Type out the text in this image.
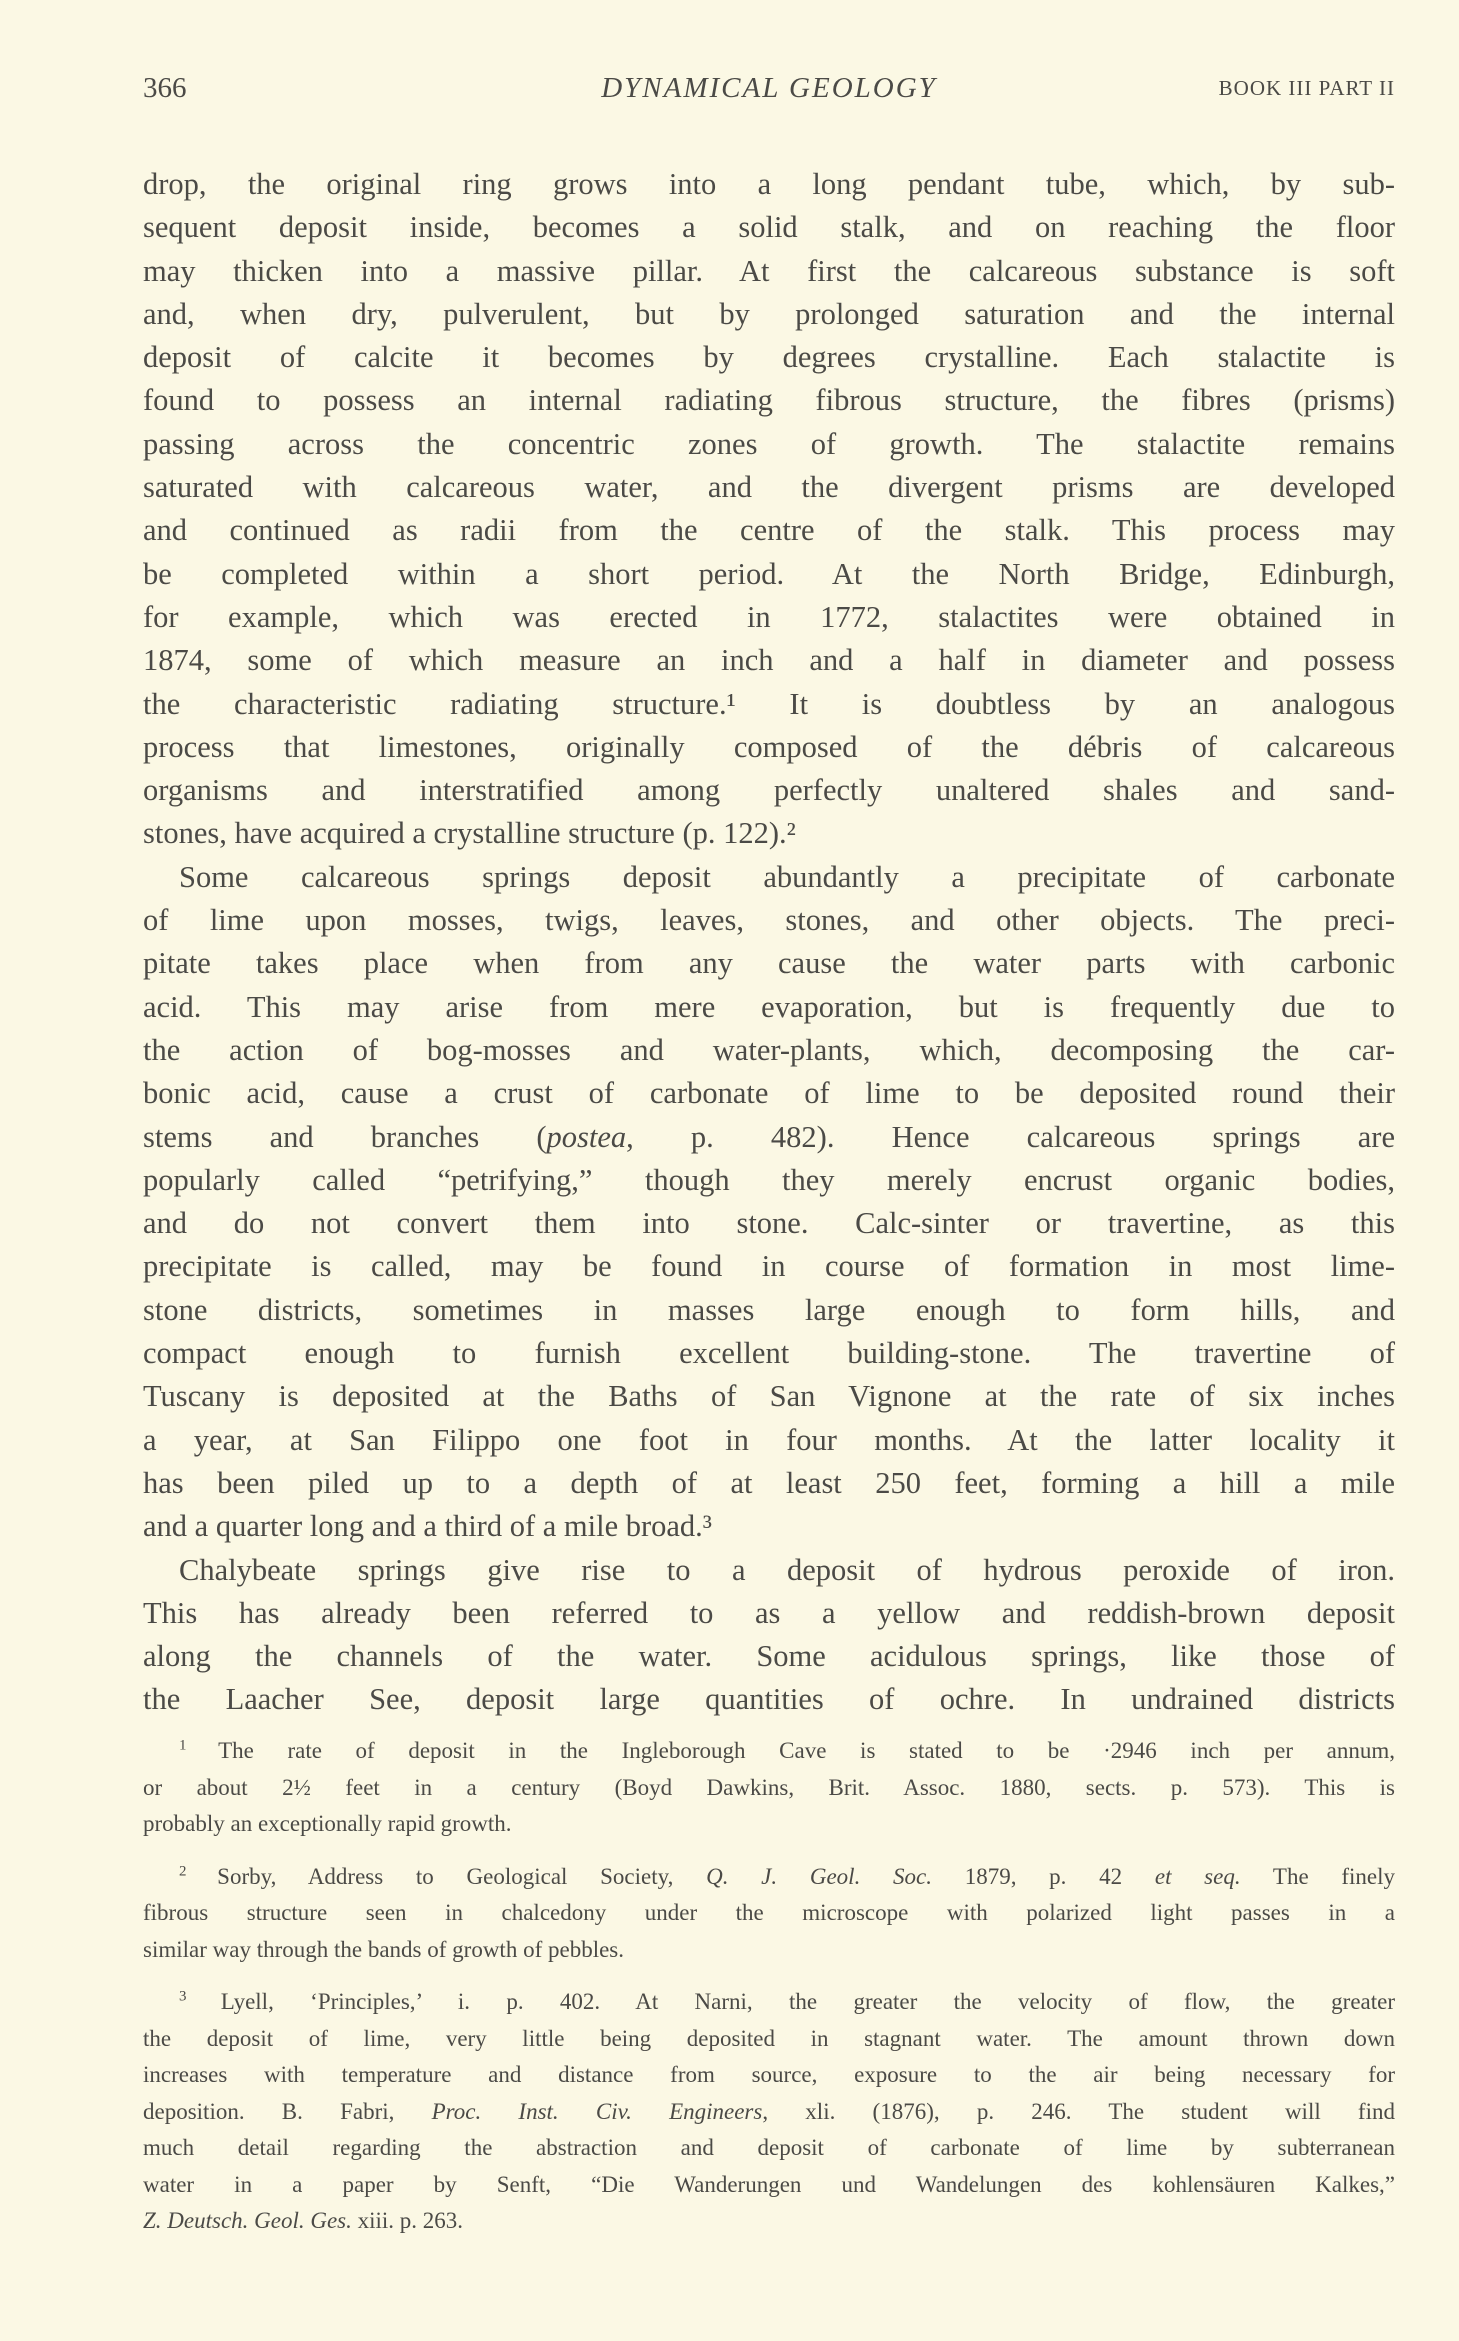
366	DYNAMICAL GEOLOGY	BOOK III PART II
drop, the original ring grows into a long pendant tube, which, by sub-
sequent deposit inside, becomes a solid stalk, and on reaching the floor
may thicken into a massive pillar. At first the calcareous substance is soft
and, when dry, pulverulent, but by prolonged saturation and the internal
deposit of calcite it becomes by degrees crystalline. Each stalactite is
found to possess an internal radiating fibrous structure, the fibres (prisms)
passing across the concentric zones of growth. The stalactite remains
saturated with calcareous water, and the divergent prisms are developed
and continued as radii from the centre of the stalk. This process may
be completed within a short period. At the North Bridge, Edinburgh,
for example, which was erected in 1772, stalactites were obtained in
1874, some of which measure an inch and a half in diameter and possess
the characteristic radiating structure.¹ It is doubtless by an analogous
process that limestones, originally composed of the débris of calcareous
organisms and interstratified among perfectly unaltered shales and sand-
stones, have acquired a crystalline structure (p. 122).²
Some calcareous springs deposit abundantly a precipitate of carbonate
of lime upon mosses, twigs, leaves, stones, and other objects. The preci-
pitate takes place when from any cause the water parts with carbonic
acid. This may arise from mere evaporation, but is frequently due to
the action of bog-mosses and water-plants, which, decomposing the car-
bonic acid, cause a crust of carbonate of lime to be deposited round their
stems and branches (postea, p. 482). Hence calcareous springs are
popularly called “petrifying,” though they merely encrust organic bodies,
and do not convert them into stone. Calc-sinter or travertine, as this
precipitate is called, may be found in course of formation in most lime-
stone districts, sometimes in masses large enough to form hills, and
compact enough to furnish excellent building-stone. The travertine of
Tuscany is deposited at the Baths of San Vignone at the rate of six inches
a year, at San Filippo one foot in four months. At the latter locality it
has been piled up to a depth of at least 250 feet, forming a hill a mile
and a quarter long and a third of a mile broad.³
Chalybeate springs give rise to a deposit of hydrous peroxide of iron.
This has already been referred to as a yellow and reddish-brown deposit
along the channels of the water. Some acidulous springs, like those of
the Laacher See, deposit large quantities of ochre. In undrained districts
$^1$ The rate of deposit in the Ingleborough Cave is stated to be ·2946 inch per annum,
or about 2½ feet in a century (Boyd Dawkins, Brit. Assoc. 1880, sects. p. 573). This is
probably an exceptionally rapid growth.
$^2$ Sorby, Address to Geological Society, Q. J. Geol. Soc. 1879, p. 42 et seq. The finely
fibrous structure seen in chalcedony under the microscope with polarized light passes in a
similar way through the bands of growth of pebbles.
$^3$ Lyell, ‘Principles,’ i. p. 402. At Narni, the greater the velocity of flow, the greater
the deposit of lime, very little being deposited in stagnant water. The amount thrown down
increases with temperature and distance from source, exposure to the air being necessary for
deposition. B. Fabri, Proc. Inst. Civ. Engineers, xli. (1876), p. 246. The student will find
much detail regarding the abstraction and deposit of carbonate of lime by subterranean
water in a paper by Senft, “Die Wanderungen und Wandelungen des kohlensäuren Kalkes,”
Z. Deutsch. Geol. Ges. xiii. p. 263.
